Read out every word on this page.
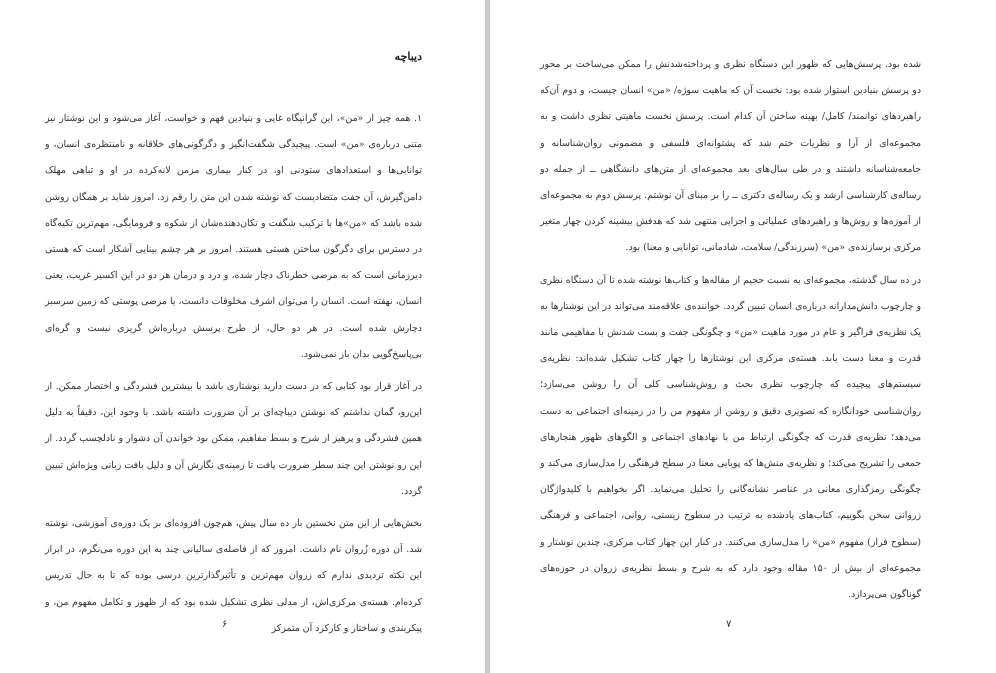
دیباچه

۱. همه چیز از «من»، این گرانیگاه غایی و بنیادین فهم و خواست، آغاز می‌شود و این نوشتار نیز متنی درباره‌ی «من» است. پیچیدگی شگفت‌انگیز و دگرگونی‌های خلاقانه و نامنتظره‌ی انسان، و توانایی‌ها و استعدادهای ستودنی او، در کنار بیماری مزمن لانه‌کرده در او و تباهی مهلک دامن‌گیرش، آن جفت متضادیست که نوشته شدن این متن را رقم زد. امروز شاید بر همگان روشن شده باشد که «من»ها با ترکیب شگفت و تکان‌دهنده‌شان از شکوه و فرومایگی، مهم‌ترین تکیه‌گاه در دسترس برای دگرگون ساختن هستی هستند. امروز بر هر چشم بینایی آشکار است که هستی دیرزمانی است که به مرضی خطرناک دچار شده، و درد و درمان هر دو در این اکسیر غریب، یعنی انسان، نهفته است. انسان را می‌توان اشرف مخلوقات دانست، یا مرضی پوستی که زمین سرسبز دچارش شده است. در هر دو حال، از طرح پرسش درباره‌اش گریزی نیست و گره‌ای بی‌پاسخ‌گویی بدان باز نمی‌شود.

در آغاز قرار بود کتابی که در دست دارید نوشتاری باشد با بیشترین فشردگی و اختصار ممکن. از این‌رو، گمان نداشتم که نوشتن دیباچه‌ای بر آن ضرورت داشته باشد. با وجود این، دقیقاً به دلیل همین فشردگی و پرهیز از شرح و بسط مفاهیم، ممکن بود خواندن آن دشوار و نادلچسب گردد. از این رو نوشتن این چند سطر ضرورت یافت تا زمینه‌ی نگارش آن و دلیل بافت زبانی ویژه‌اش تبیین گردد.

بخش‌هایی از این متن نخستین بار ده سال پیش، هم‌چون افزوده‌ای بر یک دوره‌ی آموزشی، نوشته شد. آن دوره زُروان نام داشت. امروز که از فاصله‌ی سالیانی چند به این دوره می‌نگرم، در ابراز این نکته تردیدی ندارم که زروان مهم‌ترین و تأثیرگذارترین درسی بوده که تا به حال تدریس کرده‌ام. هسته‌ی مرکزی‌اش، از مدلی نظری تشکیل شده بود که از ظهور و تکامل مفهوم من، و پیکربندی و ساختار و کارکرد آن متمرکز

۶

شده بود. پرسش‌هایی که ظهور این دستگاه نظری و پرداخته‌شدنش را ممکن می‌ساخت بر محور دو پرسش بنیادین استوار شده بود: نخست آن که ماهیت سوژه/ «من» انسان چیست، و دوم آن‌که راهبردهای توانمند/ کامل/ بهینه ساختن آن کدام است. پرسش نخست ماهیتی نظری داشت و به مجموعه‌ای از آرا و نظریات ختم شد که پشتوانه‌ای فلسفی و مضمونی روان‌شناسانه و جامعه‌شناسانه داشتند و در طی سال‌های بعد مجموعه‌ای از متن‌های دانشگاهی ــ از جمله دو رساله‌ی کارشناسی ارشد و یک رساله‌ی دکتری ــ را بر مبنای آن نوشتم. پرسش دوم به مجموعه‌ای از آموزه‌ها و روش‌ها و راهبردهای عملیاتی و اجرایی منتهی شد که هدفش بیشینه کردن چهار متغیر مرکزی برسازنده‌ی «من» (سرزندگی/ سلامت، شادمانی، توانایی و معنا) بود.

در ده سال گذشته، مجموعه‌ای به نسبت حجیم از مقاله‌ها و کتاب‌ها نوشته شده تا آن دستگاه نظری و چارچوب دانش‌مدارانه درباره‌ی انسان تبیین گردد. خواننده‌ی علاقه‌مند می‌تواند در این نوشتارها به یک نظریه‌ی فراگیر و عام در مورد ماهیت «من» و چگونگی جفت و بست شدنش با مفاهیمی مانند قدرت و معنا دست یابد. هسته‌ی مرکزی این نوشتارها را چهار کتاب تشکیل شده‌اند: نظریه‌ی سیستم‌های پیچیده که چارچوب نظری بحث و روش‌شناسی کلی آن را روشن می‌سازد؛ روان‌شناسی خودانگاره که تصویری دقیق و روشن از مفهوم من را در زمینه‌ای اجتماعی به دست می‌دهد؛ نظریه‌ی قدرت که چگونگی ارتباط من با نهادهای اجتماعی و الگوهای ظهور هنجارهای جمعی را تشریح می‌کند؛ و نظریه‌ی منش‌ها که پویایی معنا در سطح فرهنگی را مدل‌سازی می‌کند و چگونگی رمزگذاری معانی در عناصر نشانه‌گانی را تحلیل می‌نماید. اگر بخواهیم با کلیدواژگان زروانی سخن بگوییم، کتاب‌های یادشده به ترتیب در سطوح زیستی، روانی، اجتماعی و فرهنگی (سطوح فراز) مفهوم «من» را مدل‌سازی می‌کنند. در کنار این چهار کتاب مرکزی، چندین نوشتار و مجموعه‌ای از بیش از ۱۵۰ مقاله وجود دارد که به شرح و بسط نظریه‌ی زروان در حوزه‌های گوناگون می‌پردازد.

۷
